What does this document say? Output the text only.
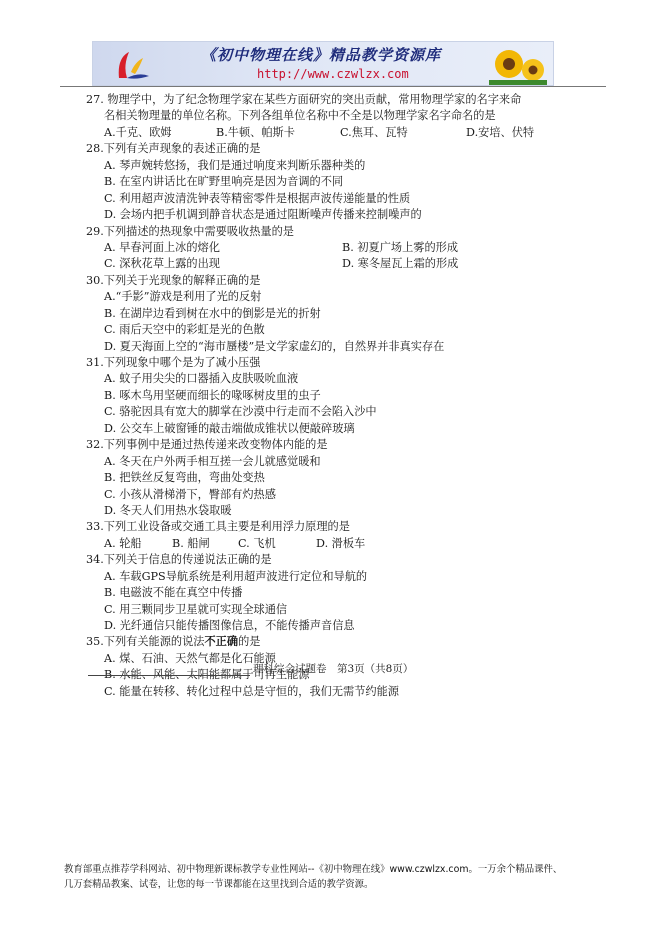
《初中物理在线》精品教学资源库
http://www.czwlzx.com
27. 物理学中，为了纪念物理学家在某些方面研究的突出贡献，常用物理学家的名字来命
名相关物理量的单位名称。下列各组单位名称中不全是以物理学家名字命名的是
A.千克、欧姆	B.牛顿、帕斯卡	C.焦耳、瓦特	D.安培、伏特
28.下列有关声现象的表述正确的是
A. 琴声婉转悠扬，我们是通过响度来判断乐器种类的
B. 在室内讲话比在旷野里响亮是因为音调的不同
C. 利用超声波清洗钟表等精密零件是根据声波传递能量的性质
D. 会场内把手机调到静音状态是通过阻断噪声传播来控制噪声的
29.下列描述的热现象中需要吸收热量的是
A. 早春河面上冰的熔化	B. 初夏广场上雾的形成
C. 深秋花草上露的出现	D. 寒冬屋瓦上霜的形成
30.下列关于光现象的解释正确的是
A.“手影”游戏是利用了光的反射
B. 在湖岸边看到树在水中的倒影是光的折射
C. 雨后天空中的彩虹是光的色散
D. 夏天海面上空的“海市蜃楼”是文学家虚幻的，自然界并非真实存在
31.下列现象中哪个是为了减小压强
A. 蚊子用尖尖的口器插入皮肤吸吮血液
B. 啄木鸟用坚硬而细长的喙啄树皮里的虫子
C. 骆驼因具有宽大的脚掌在沙漠中行走而不会陷入沙中
D. 公交车上破窗锤的敲击端做成锥状以便敲碎玻璃
32.下列事例中是通过热传递来改变物体内能的是
A. 冬天在户外两手相互搓一会儿就感觉暖和
B. 把铁丝反复弯曲，弯曲处变热
C. 小孩从滑梯滑下，臀部有灼热感
D. 冬天人们用热水袋取暖
33.下列工业设备或交通工具主要是利用浮力原理的是
A. 轮船	B. 船闸	C. 飞机	D. 滑板车
34.下列关于信息的传递说法正确的是
A. 车载GPS导航系统是利用超声波进行定位和导航的
B. 电磁波不能在真空中传播
C. 用三颗同步卫星就可实现全球通信
D. 光纤通信只能传播图像信息，不能传播声音信息
35.下列有关能源的说法不正确的是
A. 煤、石油、天然气都是化石能源
B. 水能、风能、太阳能都属于可再生能源
C. 能量在转移、转化过程中总是守恒的，我们无需节约能源
理科综合试题卷　第3页（共8页）
教育部重点推荐学科网站、初中物理新课标教学专业性网站--《初中物理在线》www.czwlzx.com。一万余个精品课件、
几万套精品教案、试卷，让您的每一节课都能在这里找到合适的教学资源。
